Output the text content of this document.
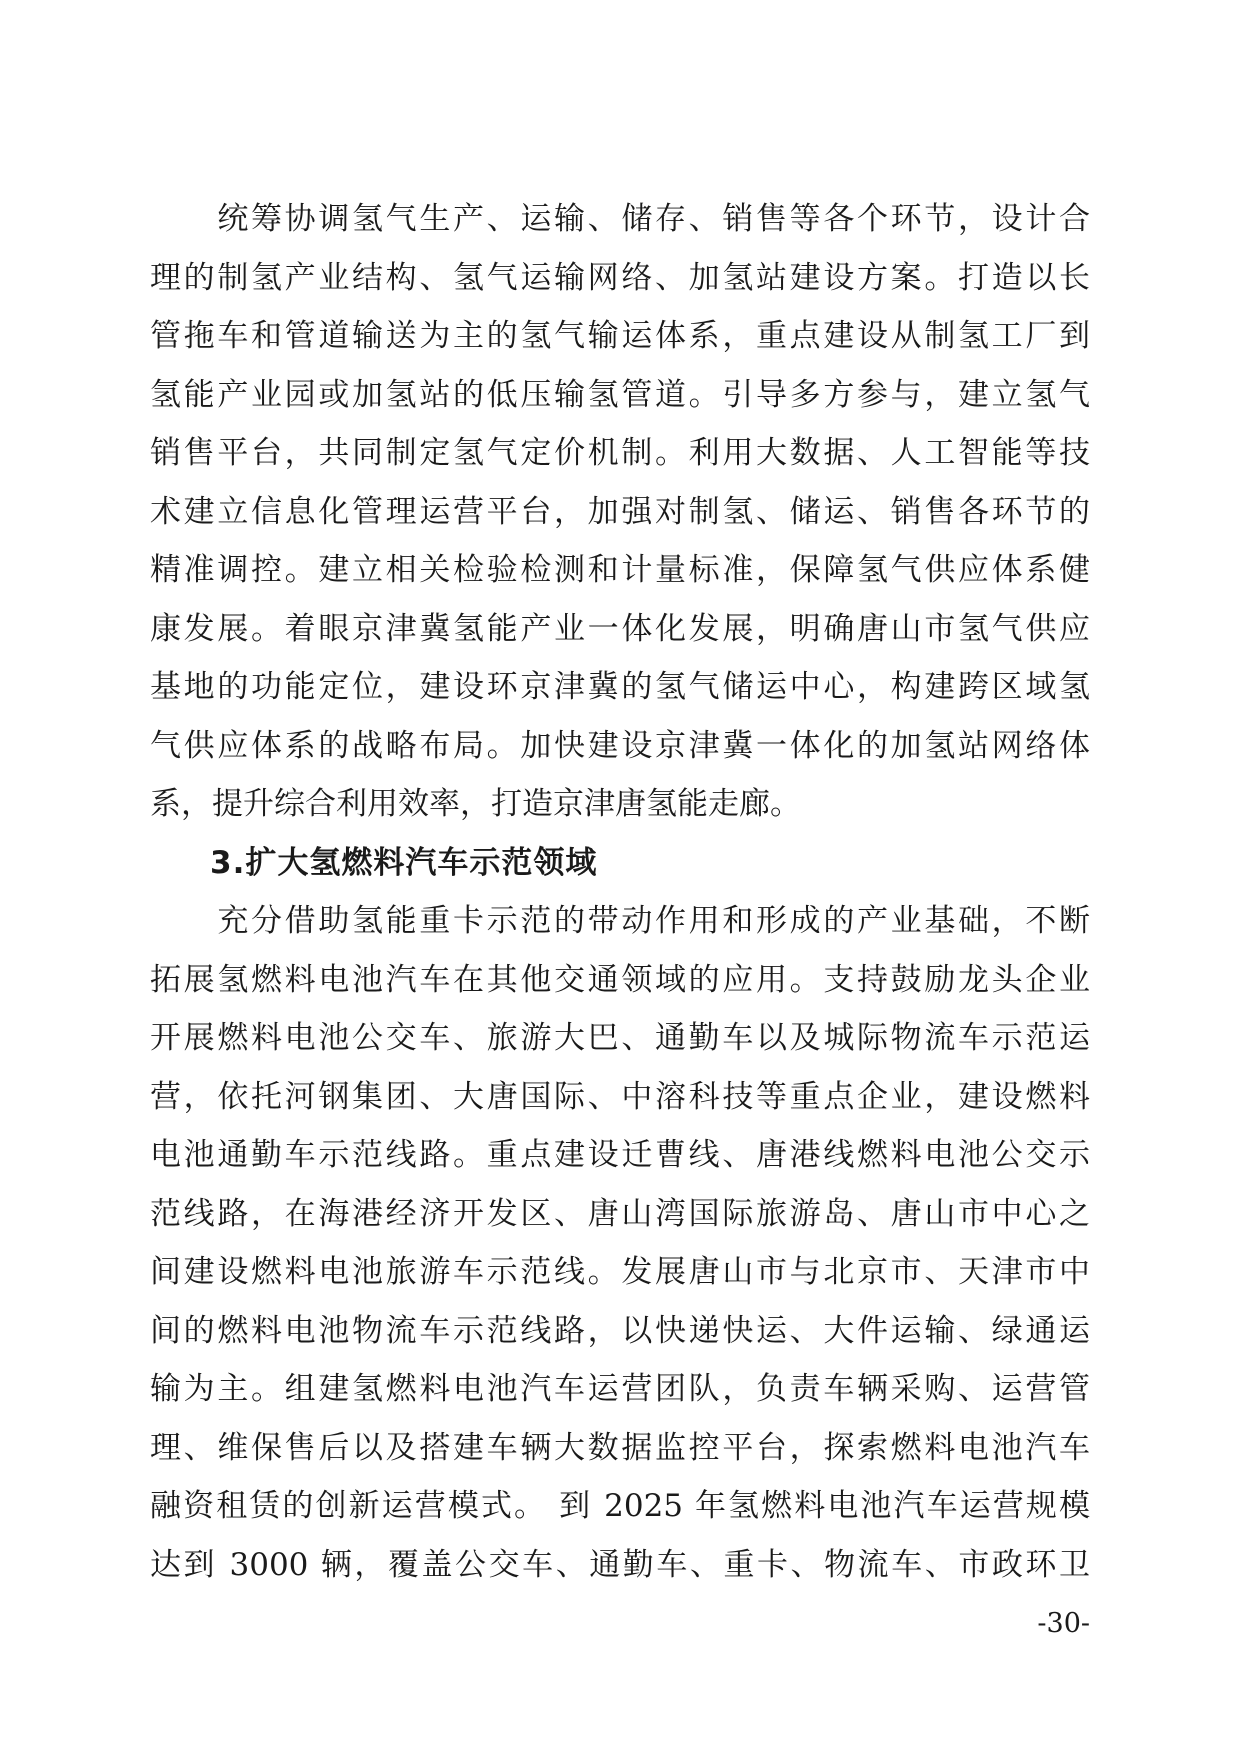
　　统筹协调氢气生产、运输、储存、销售等各个环节，设计合
理的制氢产业结构、氢气运输网络、加氢站建设方案。打造以长
管拖车和管道输送为主的氢气输运体系，重点建设从制氢工厂到
氢能产业园或加氢站的低压输氢管道。引导多方参与，建立氢气
销售平台，共同制定氢气定价机制。利用大数据、人工智能等技
术建立信息化管理运营平台，加强对制氢、储运、销售各环节的
精准调控。建立相关检验检测和计量标准，保障氢气供应体系健
康发展。着眼京津冀氢能产业一体化发展，明确唐山市氢气供应
基地的功能定位，建设环京津冀的氢气储运中心，构建跨区域氢
气供应体系的战略布局。加快建设京津冀一体化的加氢站网络体
系，提升综合利用效率，打造京津唐氢能走廊。
3.扩大氢燃料汽车示范领域
　　充分借助氢能重卡示范的带动作用和形成的产业基础，不断
拓展氢燃料电池汽车在其他交通领域的应用。支持鼓励龙头企业
开展燃料电池公交车、旅游大巴、通勤车以及城际物流车示范运
营，依托河钢集团、大唐国际、中溶科技等重点企业，建设燃料
电池通勤车示范线路。重点建设迁曹线、唐港线燃料电池公交示
范线路，在海港经济开发区、唐山湾国际旅游岛、唐山市中心之
间建设燃料电池旅游车示范线。发展唐山市与北京市、天津市中
间的燃料电池物流车示范线路，以快递快运、大件运输、绿通运
输为主。组建氢燃料电池汽车运营团队，负责车辆采购、运营管
理、维保售后以及搭建车辆大数据监控平台，探索燃料电池汽车
融资租赁的创新运营模式。 到 2025 年氢燃料电池汽车运营规模
达到 3000 辆，覆盖公交车、通勤车、重卡、物流车、市政环卫
-30-
